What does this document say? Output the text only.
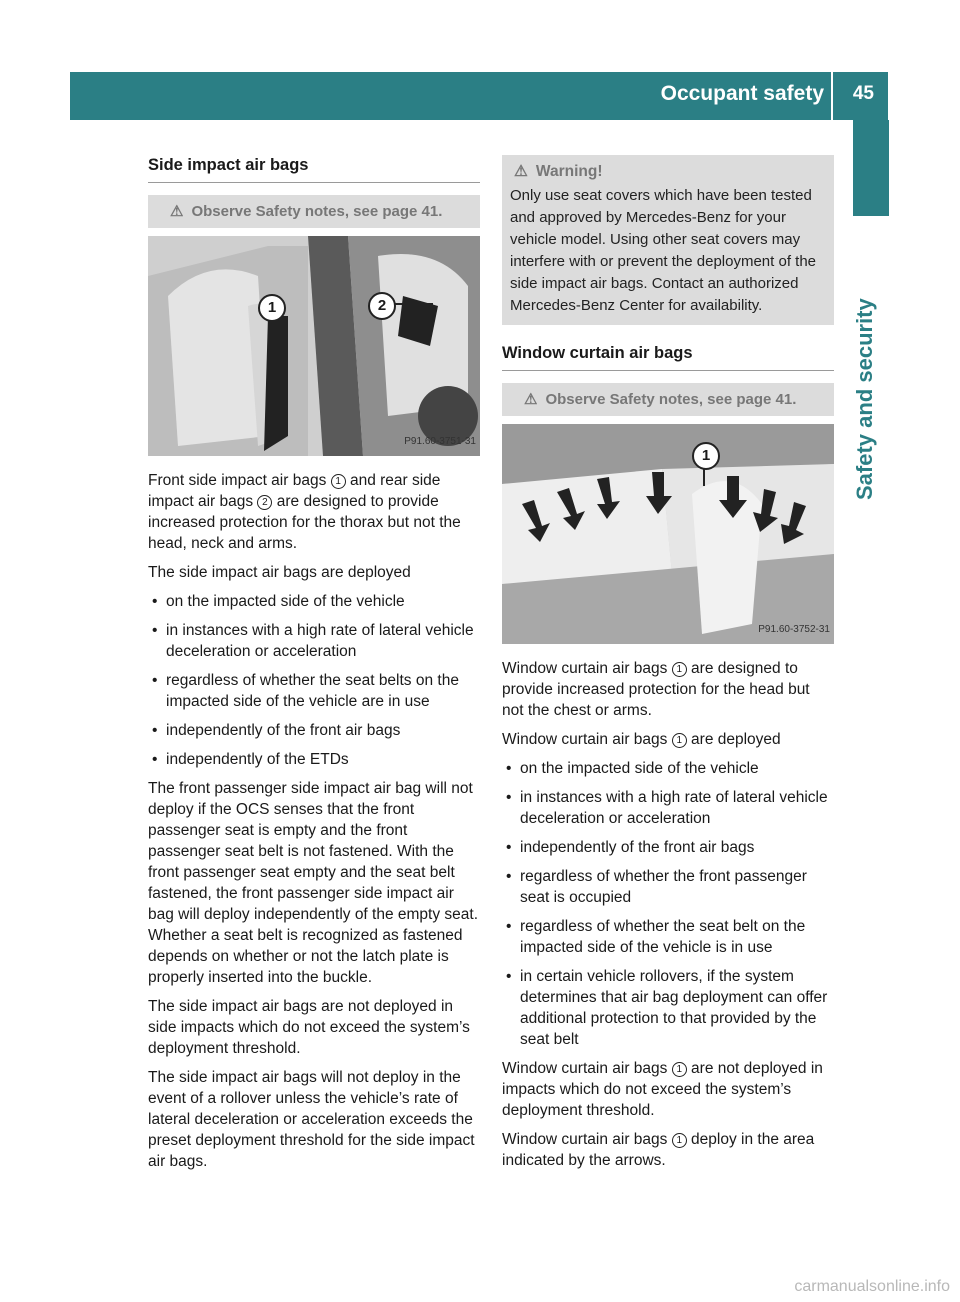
Occupant safety 45
Safety and security
Side impact air bags
⚠ Observe Safety notes, see page 41.
1	2
P91.60-3751-31

Front side impact air bags 1 and rear side impact air bags 2 are designed to provide increased protection for the thorax but not the head, neck and arms.

The side impact air bags are deployed

• on the impacted side of the vehicle
• in instances with a high rate of lateral vehicle deceleration or acceleration
• regardless of whether the seat belts on the impacted side of the vehicle are in use
• independently of the front air bags
• independently of the ETDs

The front passenger side impact air bag will not deploy if the OCS senses that the front passenger seat is empty and the front passenger seat belt is not fastened. With the front passenger seat empty and the seat belt fastened, the front passenger side impact air bag will deploy independently of the empty seat. Whether a seat belt is recognized as fastened depends on whether or not the latch plate is properly inserted into the buckle.

The side impact air bags are not deployed in side impacts which do not exceed the system’s deployment threshold.

The side impact air bags will not deploy in the event of a rollover unless the vehicle’s rate of lateral deceleration or acceleration exceeds the preset deployment threshold for the side impact air bags.

⚠ Warning!
Only use seat covers which have been tested and approved by Mercedes-Benz for your vehicle model. Using other seat covers may interfere with or prevent the deployment of the side impact air bags. Contact an authorized Mercedes-Benz Center for availability.
Window curtain air bags
⚠ Observe Safety notes, see page 41.
1
P91.60-3752-31

Window curtain air bags 1 are designed to provide increased protection for the head but not the chest or arms.

Window curtain air bags 1 are deployed

• on the impacted side of the vehicle
• in instances with a high rate of lateral vehicle deceleration or acceleration
• independently of the front air bags
• regardless of whether the front passenger seat is occupied
• regardless of whether the seat belt on the impacted side of the vehicle is in use
• in certain vehicle rollovers, if the system determines that air bag deployment can offer additional protection to that provided by the seat belt

Window curtain air bags 1 are not deployed in impacts which do not exceed the system’s deployment threshold.

Window curtain air bags 1 deploy in the area indicated by the arrows.

carmanualsonline.info
